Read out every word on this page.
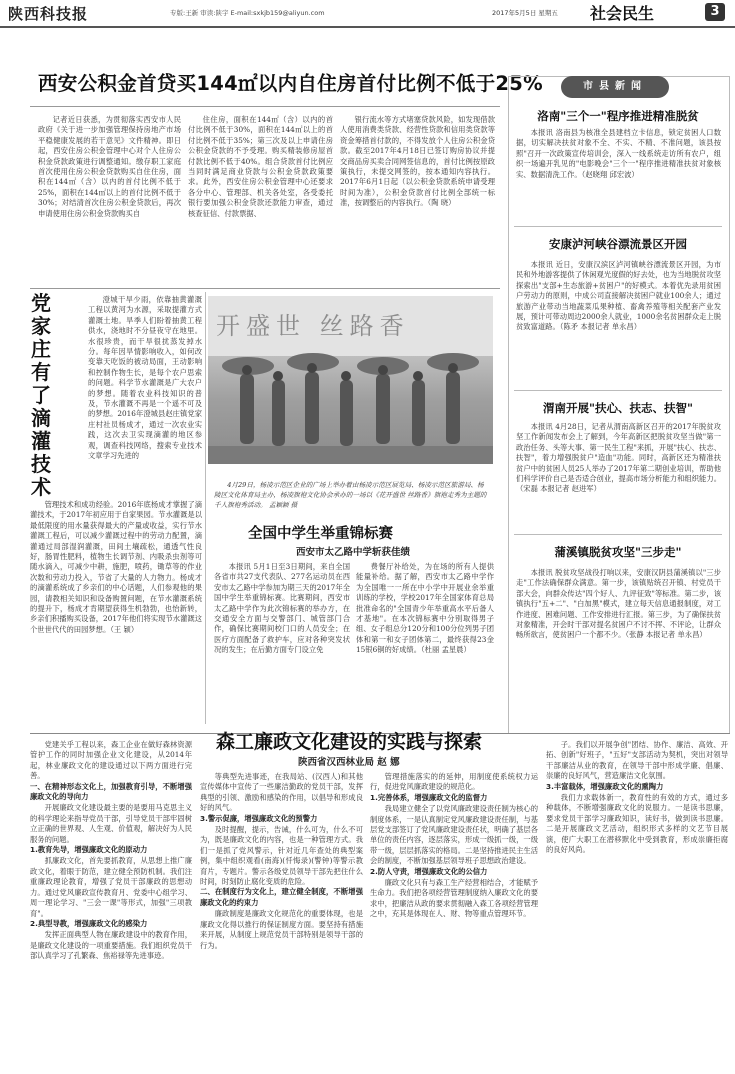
陕西科技报	专版:王新 审读:陕宇 E-mail:sxkjb159@aliyun.com	2017年5月5日 星期五 社会民生	3
西安公积金首贷买144㎡以内自住房首付比例不低于25%

记者近日获悉，为贯彻落实西安市人民政府《关于进一步加强管理保持房地产市场平稳健康发展的若干意见》文件精神。即日起，西安住房公积金管理中心对个人住房公积金贷款政策进行调整通知。缴存职工家庭首次使用住房公积金贷款购买自住住房，面积在144㎡（含）以内的首付比例不低于25%，面积在144㎡以上的首付比例不低于30%；对结清首次住房公积金贷款后，再次申请使用住房公积金贷款购买自

住住房，面积在144㎡（含）以内的首付比例不低于30%，面积在144㎡以上的首付比例不低于35%；第三次及以上申请住房公积金贷款的不予受理。购买精装修房屋首付款比例不低于40%。组合贷款首付比例应当同时满足商业贷款与公积金贷款政策要求。此外，西安住房公积金管理中心还要求各分中心、管理部、机关各处室，各受委托银行要加强公积金贷款还款能力审查，通过核查征信、付款票据、

银行流水等方式堵塞贷款风险，如发现借款人使用消费类贷款、经营性贷款和信用类贷款等资金筹措首付款的，不得发放个人住房公积金贷款。截至2017年4月18日已签订购房协议并提交商品房买卖合同网签信息的，首付比例按原政策执行，未提交网签的，按本通知内容执行。2017年6月1日起（以公积金贷款系统申请受理时间为准），公积金贷款首付比例全部统一标准，按调整后的内容执行。（陶 晓）

党家庄有了滴灌技术

澄城干旱少雨，依靠抽黄灌溉工程以黄河为水源，采取提灌方式灌溉土地。旱季人们盼着抽黄工程供水，浇地时不分昼夜守在地里。水很珍贵，而干旱很扰蒸发掉水分。每年因旱情影响收入，如何改变靠天吃饭的被动局面，王动影响和控制作物生长，是每个农户思索的问题。科学节水灌溉是广大农户的梦想。随着农业科技知识的普及，节水灌溉不再是一个遥不可及的梦想。2016年澄城县赵庄镇党家庄村社员杨成才，通过一次农业实践，这次去卫实现滴灌的地区参观，调查科技网络，搜索专业技术文章学习先进的

管理技术和成功经验。2016年底杨成才掌握了滴灌技术，于2017年初应用于自家果园。节水灌溉是以最低限度的用水量获得最大的产量或收益，实行节水灌溉工程后，可以减少灌溉过程中的劳动力配置，滴灌通过局部湿润灌溉，田间土壤疏松，通透气性良好，肠胃性肥料，植物生长调节剂、内吸杀虫剂等可随水滴入，可减少中耕，施肥，喷药，锄草等的作业次数和劳动力投入，节省了大量的人力物力。杨成才的滴灌系统成了乡亲们的中心话题，人们参观他的果园，请教相关知识和设备购置问题，在节水灌溉系统的提升下，杨成才肯期望获得生机勃勃，也怡新转，乡亲们积播购买设备，2017年他们将实现节水灌溉这个世世代代的田园梦想。（王 颖）

开盛世 丝路香
4月29日，杨凌示范区企业的广场上举办着由杨凌示范区展览局、杨凌示范区旅游局、杨陵区文化体育局主办，杨凌旗袍文化协会承办的一场以《花开盛世 丝路香》旗袍走秀为主题的千人旗袍秀活动。 孟颖颖 摄
全国中学生举重锦标赛
西安市太乙路中学斩获佳绩

本报讯 5月1日至3日期间，来自全国各省市共27支代表队、277名运动员在西安市太乙路中学参加为期三天的2017年全国中学生举重锦标赛。比赛期间，西安市太乙路中学作为此次锦标赛的举办方，在交通安全方面与交警部门、城管部门合作，确保比赛期间校门口的人员安全；在医疗方面配备了救护车，应对各种突发状况的发生；在后勤方面专门设立免

费餐厅补给处，为在场的所有人提供能量补给。据了解，西安市太乙路中学作为全国唯一一所在中小学中开展业余举重训练的学校，学校2017年全国家体育总局批准命名的"全国青少年举重高水平后备人才基地"。在本次锦标赛中分别取得男子组、女子组总分120分和100分位列男子团体和第一和女子团体第二，最终获得23金15银6铜的好成绩。（杜丽 孟星晨）

市县新闻
洛南"三个一"程序推进精准脱贫

本报讯 洛南县为核准全县建档立卡信息，锁定贫困人口数据，切实解决扶贫对象不全、不实、不精、不准问题，该县按照"召开一次政策宣传培训会，深入一线系统走访所有农户，组织一场遍开乳见的"电影晚会"三个一"程序推进精准扶贫对象核实、数据清洗工作。（赵晓翔 邱宏波）

安康泸河峡谷漂流景区开园

本报讯 近日，安康汉滨区泸河镇峡谷漂流景区开园，为市民和外地游客提供了休闲观光度假的好去处，也为当地脱贫攻坚探索出"支部+生态旅游+贫困户"的好模式。本着优先录用贫困户劳动力的原则，中成公司直接解决贫困户就业100余人；通过旅游产业带动当地蔬菜瓜果种植、畜禽养殖等相关配套产业发展，预计可带动周边2000余人就业，1000余名贫困群众走上脱贫致富道路。（陈矛 本报记者 单永昌）

渭南开展"扶心、扶志、扶智"

本报讯 4月28日，记者从渭南高新区召开的2017年脱贫攻坚工作新闻发布会上了解到，今年高新区把脱贫攻坚当做"第一政治任务、头等大事、第一民生工程"来抓，开展"扶心、扶志、扶智"，着力增强脱贫户"造血"功能。同时，高新区还为精准扶贫户中的贫困人员25人举办了2017年第二期创业培训，帮助他们科学评价自己是否适合创业，提高市场分析能力和组织能力。（宋磊 本报记者 赵进军）

蒲溪镇脱贫攻坚"三步走"

本报讯 脱贫攻坚战役打响以来，安康汉阴县蒲溪镇以"三步走"工作法确保群众满意。第一步，该镇贴统召开镇、村党员干部大会，向群众传达"四个好人、九评征致"等标准。第二步，该镇执行"五+二"、"白加黑"模式，建立每天信息通报制度，对工作进度、困难问题、工作安排进行汇报。第三步，为了确保扶贫对象精准，开会时干部对提名贫困户不讨不挥、不评论，让群众畅所欲言，使贫困户一个都不少。（张静 本报记者 单永昌）

森工廉政文化建设的实践与探索
陕西省汉西林业局 赵 娜

党建关乎工程以来，森工企业在做好森林资源管护工作的同时加强企业文化建设，从2014年起，林业廉政文化的建设通过以下两方面进行完善。

一、在精神形态文化上，加强教育引导，不断增强廉政文化的导向力

开展廉政文化建设最主要的是要用马克思主义的科学理论来指导党员干部，引导党员干部牢固树立正确的世界观、人生观、价值观，解决好为人民服务的问题。

1.教育先导，增强廉政文化的原动力

抓廉政文化，首先要抓教育，从思想上推广廉政文化，着眼于防范，建立健全预防机制。我们注重廉政理论教育，增强了党员干部廉政的思想动力。通过党风廉政宣传教育月、党委中心组学习、周一理论学习、"三会一课"等形式，加强"三项教育"。

2.典型导教，增强廉政文化的感染力

发挥正面典型人物在廉政建设中的教育作用，是廉政文化建设的一项重要措施。我们组织党员干部认真学习了孔繁森、焦裕禄等先进事迹。

等典型先进事迹，在我局站、(汉西人)和其他宣传媒体中宣传了一些廉洁勤政的党员干部，发挥典型的引领、激励和感染的作用，以倡导和形成良好的风气。

3.警示促廉，增强廉政文化的预警力

及时提醒，提示，告诫，什么可为，什么不可为，既是廉政文化的内容，也是一种管理方式。我们一是抓了党风警示，针对近几年查处的典型案例，集中组织观看(南海)(忏悔录)(警钟)等警示教育片，专题片。警示各级党员领导干部先把住什么时间，时刻防止腐化变质的危险。

二、在制度行为文化上，建立健全制度，不断增强廉政文化的约束力

廉政制度是廉政文化规范化的重要体现，也是廉政文化得以推行的保证制度方面。要坚持有措施来开展，从制度上规范党员干部特别是领导干部的行为。

管理措施落实的的延伸，用制度使系统权力运行，促进党风廉政建设的规范化。

1.完善体系，增强廉政文化的监督力

我局建立健全了以党风廉政建设责任制为核心的制度体系，一是认真制定党风廉政建设责任制，与基层党支部签订了党风廉政建设责任状，明确了基层各单位的责任内容，逐层落实，形成一级抓一级，一级带一级，层层抓落实的格局。二是坚持推进民主生活会的制度，不断加强基层领导班子思想政治建设。

2.防人守责，增强廉政文化的公信力

廉政文化只有与森工生产经营相结合，才能赋予生命力。我们把各项经营管理制度纳入廉政文化的要求中，把廉洁从政的要求贯彻融入森工各项经营管理之中，充其是体现在人、财、物等重点管理环节。

子。我们以开展争创"团结、协作、廉洁、高效、开拓、创新"好班子，"五好"支部活动为契机，突出对领导干部廉洁从业的教育，在领导干部中形成学廉、倡廉、崇廉的良好风气，营造廉洁文化氛围。

3.丰富载体，增强廉政文化的熏陶力

我们力求载体新一，教育性的有效的方式，通过多种载体，不断增强廉政文化的说服力。一是读书思廉，要求党员干部学习廉政知识，读好书，做到读书思廉。二是开展廉政文艺活动，组织形式多样的文艺节目展演，使广大职工在潜移默化中受到教育，形成崇廉拒腐的良好风尚。
